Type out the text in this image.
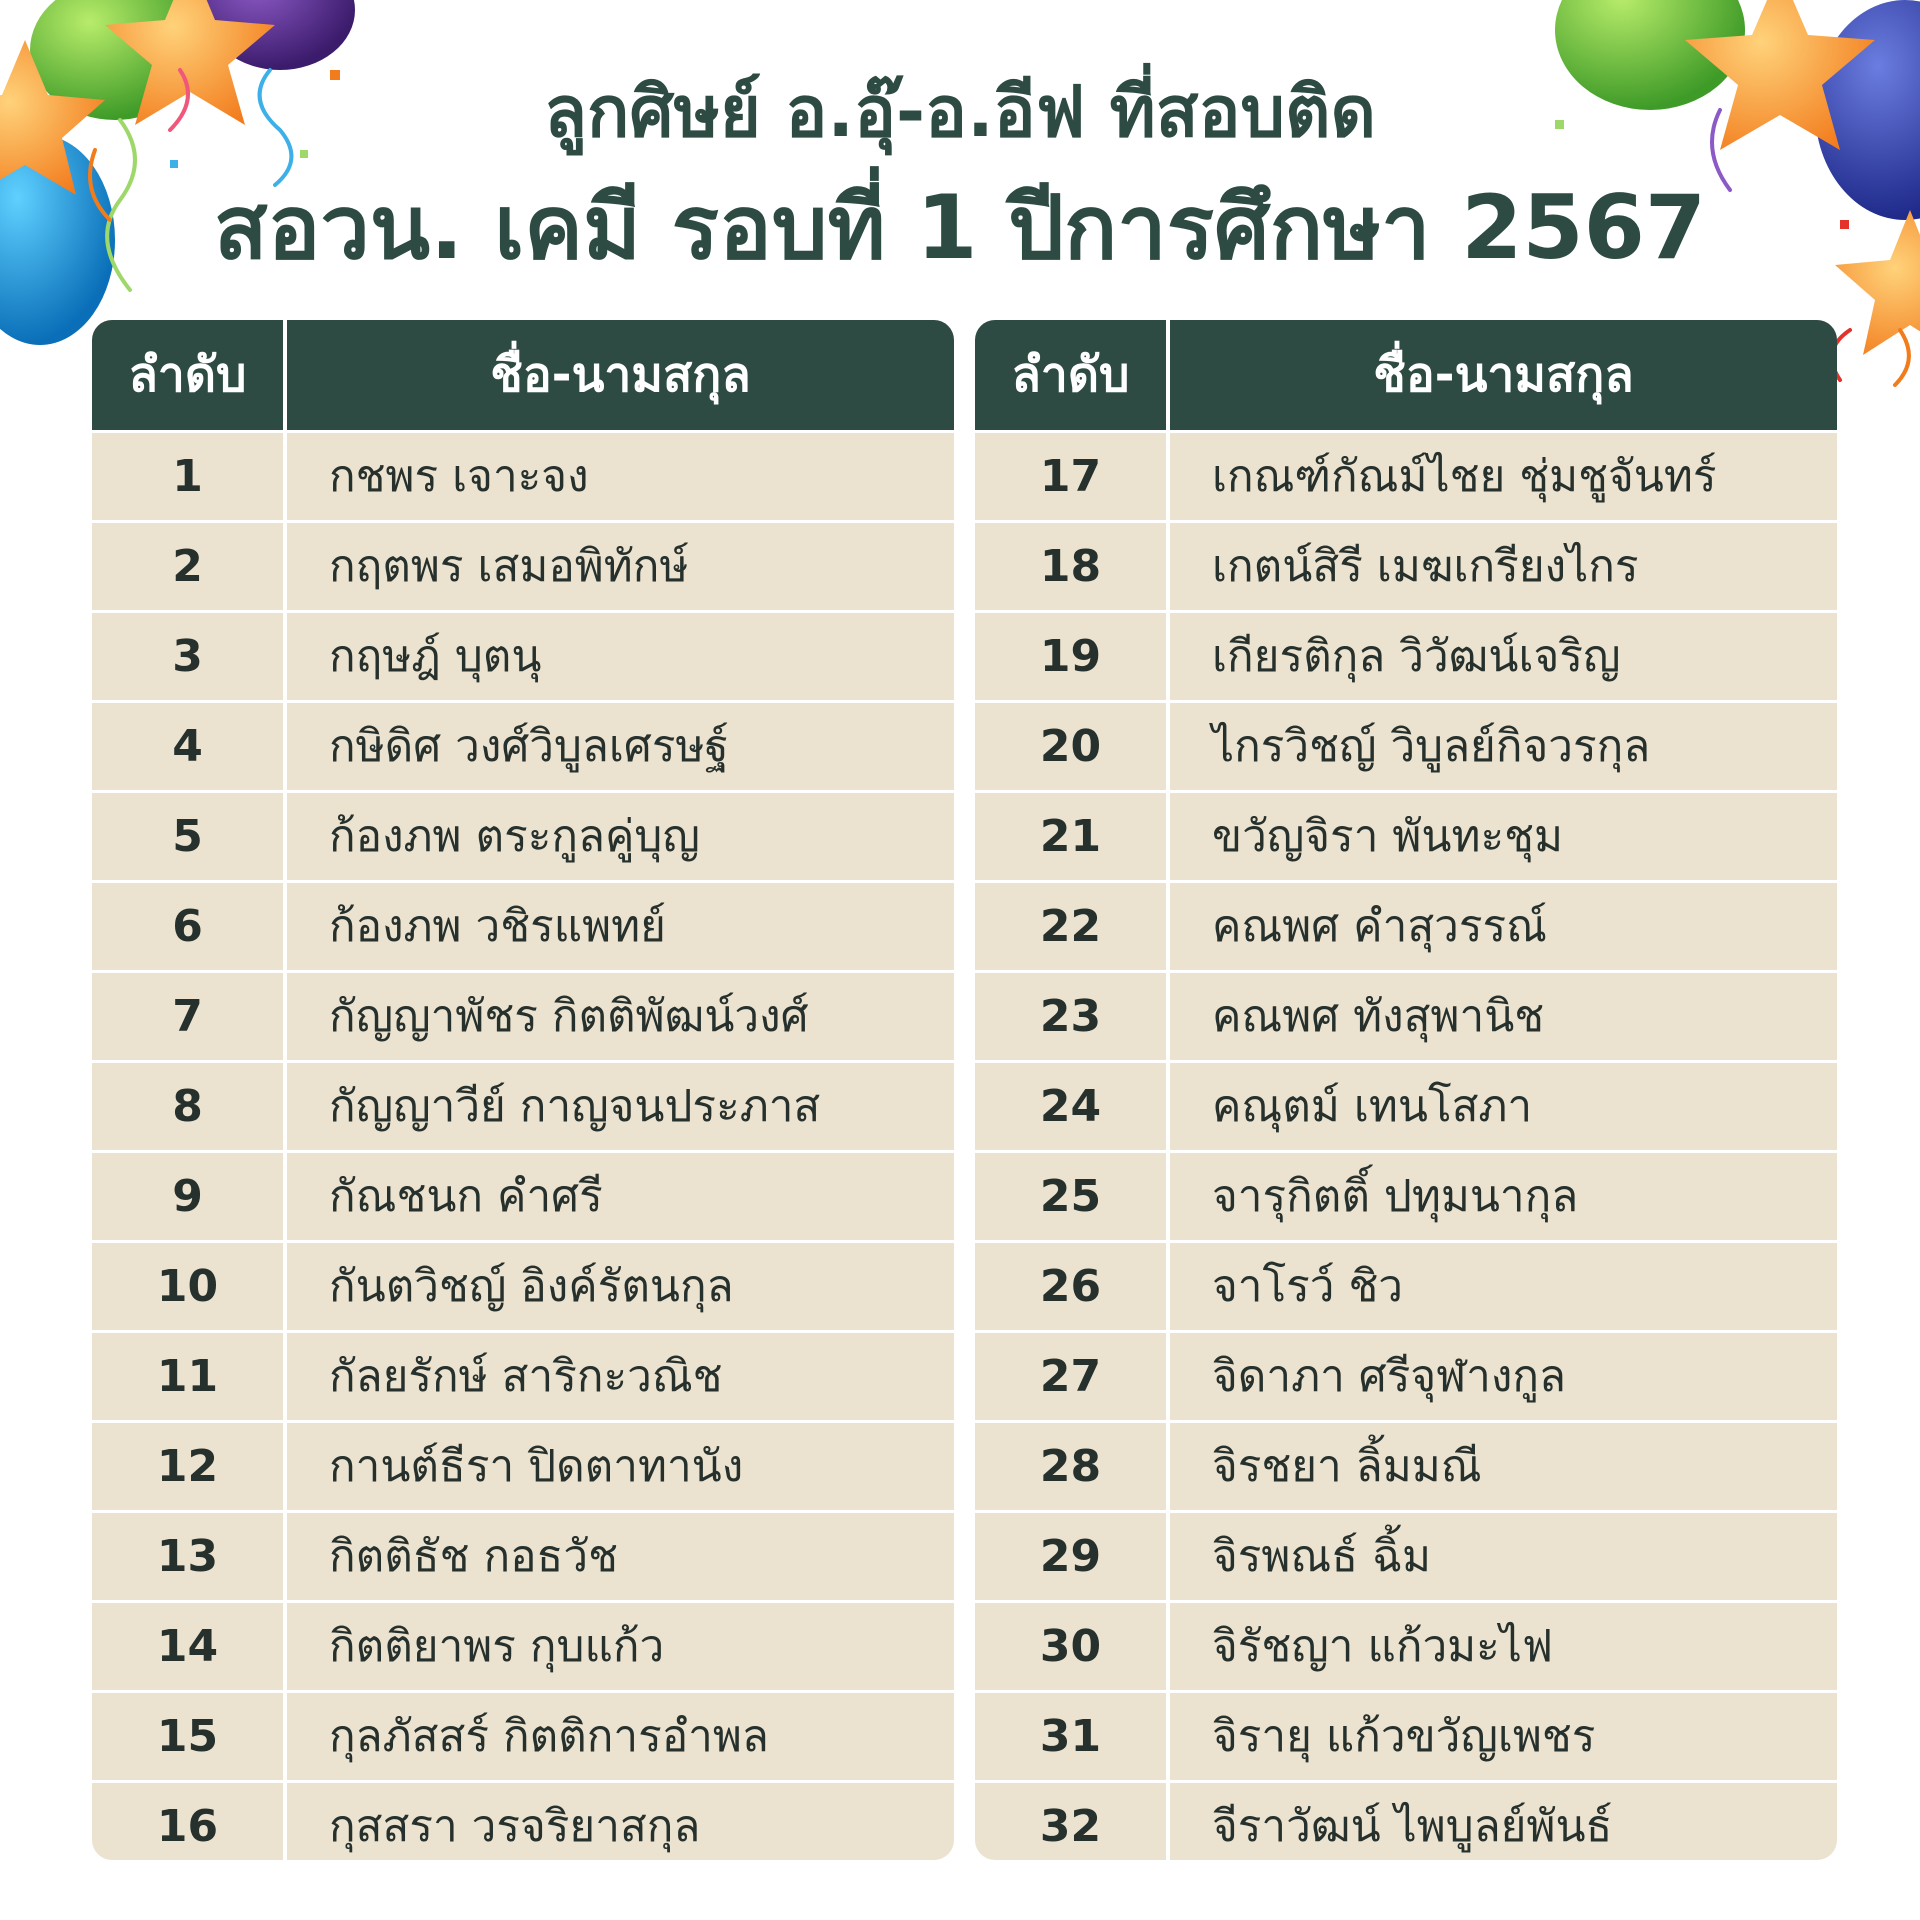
ลูกศิษย์ อ.อุ๊-อ.อีฟ ที่สอบติด
สอวน. เคมี รอบที่ 1 ปีการศึกษา 2567
ลำดับ	ชื่อ-นามสกุล
1	กชพร เจาะจง
2	กฤตพร เสมอพิทักษ์
3	กฤษฎ์ บุตนุ
4	กษิดิศ วงศ์วิบูลเศรษฐ์
5	ก้องภพ ตระกูลคู่บุญ
6	ก้องภพ วชิรแพทย์
7	กัญญาพัชร กิตติพัฒน์วงศ์
8	กัญญาวีย์ กาญจนประภาส
9	กัณชนก คำศรี
10	กันตวิชญ์ อิงค์รัตนกุล
11	กัลยรักษ์ สาริกะวณิช
12	กานต์ธีรา ปิดตาทานัง
13	กิตติธัช กอธวัช
14	กิตติยาพร กุบแก้ว
15	กุลภัสสร์ กิตติการอำพล
16	กุสสรา วรจริยาสกุล
ลำดับ	ชื่อ-นามสกุล
17	เกณฑ์กัณม์ไชย ชุ่มชูจันทร์
18	เกตน์สิรี เมฆเกรียงไกร
19	เกียรติกุล วิวัฒน์เจริญ
20	ไกรวิชญ์ วิบูลย์กิจวรกุล
21	ขวัญจิรา พันทะชุม
22	คณพศ คำสุวรรณ์
23	คณพศ ทังสุพานิช
24	คณุตม์ เทนโสภา
25	จารุกิตติ์ ปทุมนากุล
26	จาโรว์ ชิว
27	จิดาภา ศรีจุฬางกูล
28	จิรชยา ลิ้มมณี
29	จิรพณธ์ ฉิ้ม
30	จิรัชญา แก้วมะไฟ
31	จิรายุ แก้วขวัญเพชร
32	จีราวัฒน์ ไพบูลย์พันธ์
